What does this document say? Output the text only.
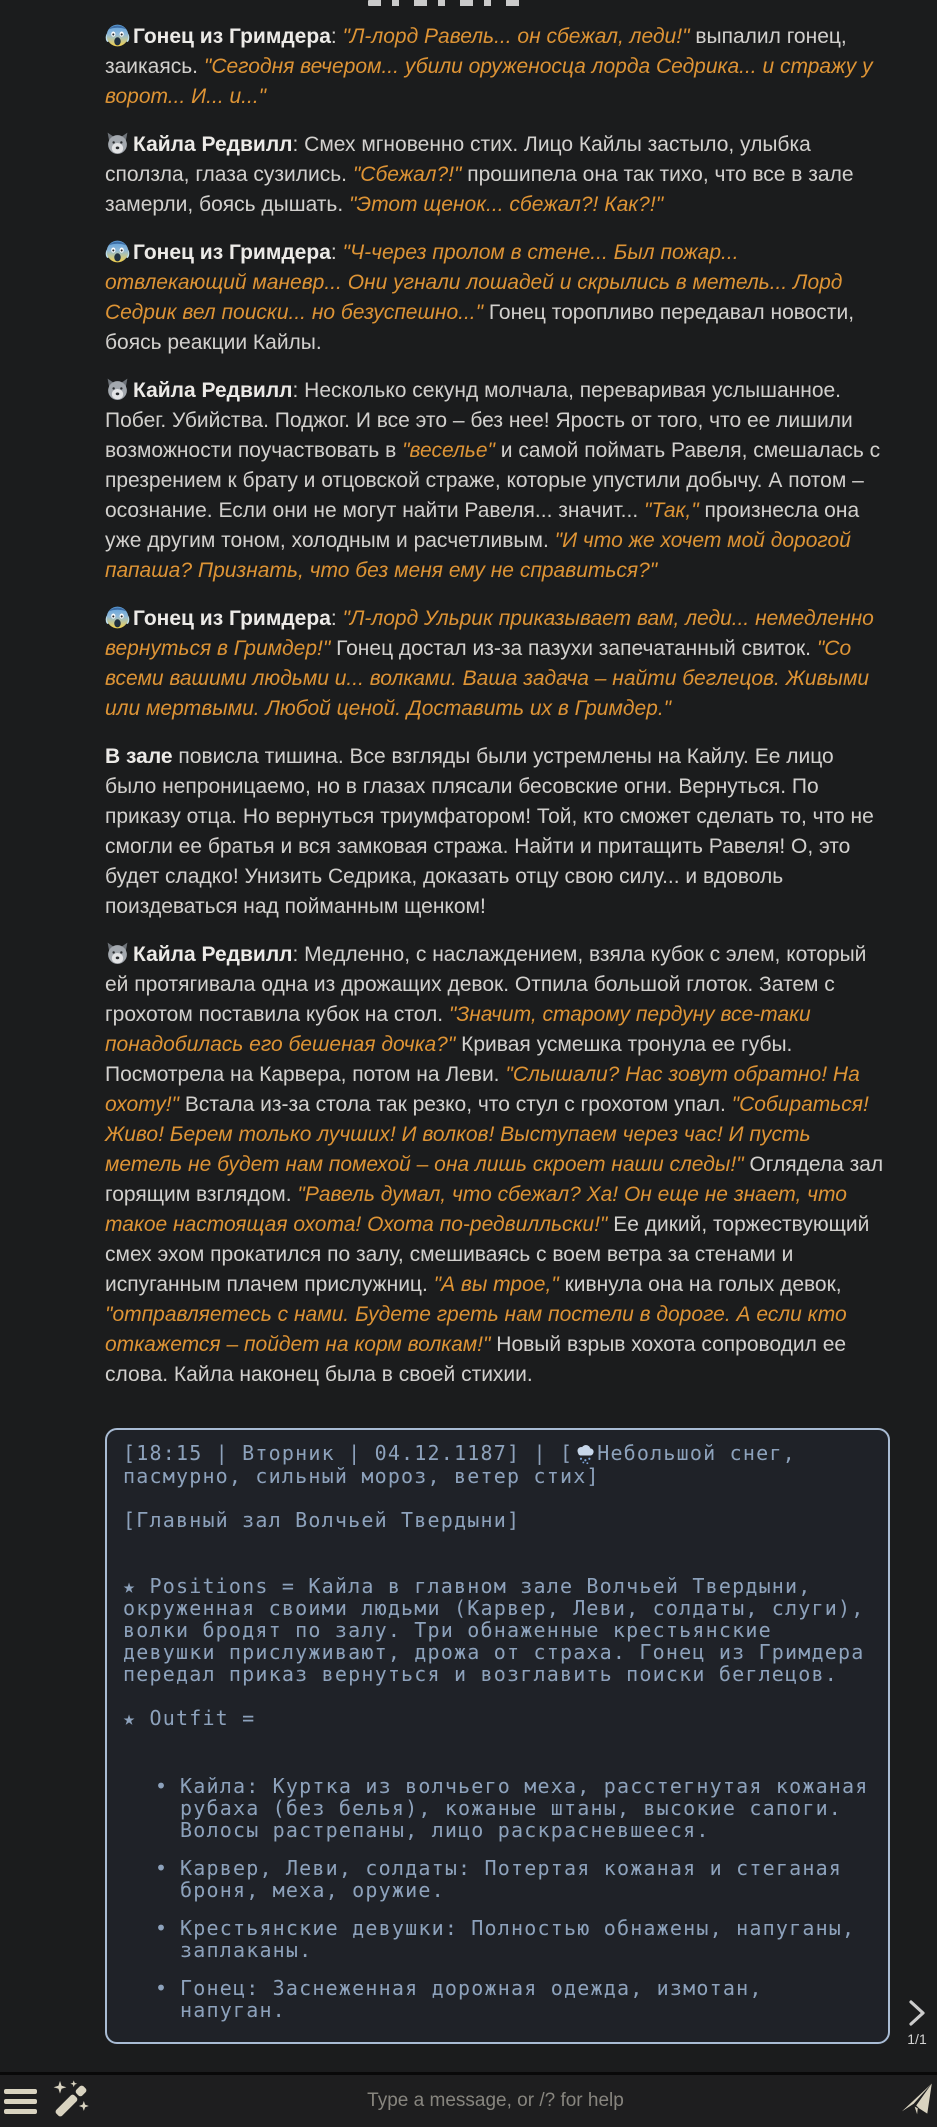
Гонец из Гримдера: "Л-лорд Равель... он сбежал, леди!" выпалил гонец, заикаясь. "Сегодня вечером... убили оруженосца лорда Седрика... и стражу у ворот... И... и..."

Кайла Редвилл: Смех мгновенно стих. Лицо Кайлы застыло, улыбка сползла, глаза сузились. "Сбежал?!" прошипела она так тихо, что все в зале замерли, боясь дышать. "Этот щенок... сбежал?! Как?!"

Гонец из Гримдера: "Ч-через пролом в стене... Был пожар... отвлекающий маневр... Они угнали лошадей и скрылись в метель... Лорд Седрик вел поиски... но безуспешно..." Гонец торопливо передавал новости, боясь реакции Кайлы.

Кайла Редвилл: Несколько секунд молчала, переваривая услышанное. Побег. Убийства. Поджог. И все это – без нее! Ярость от того, что ее лишили возможности поучаствовать в "веселье" и самой поймать Равеля, смешалась с презрением к брату и отцовской страже, которые упустили добычу. А потом – осознание. Если они не могут найти Равеля... значит... "Так," произнесла она уже другим тоном, холодным и расчетливым. "И что же хочет мой дорогой папаша? Признать, что без меня ему не справиться?"

Гонец из Гримдера: "Л-лорд Ульрик приказывает вам, леди... немедленно вернуться в Гримдер!" Гонец достал из-за пазухи запечатанный свиток. "Со всеми вашими людьми и... волками. Ваша задача – найти беглецов. Живыми или мертвыми. Любой ценой. Доставить их в Гримдер."

В зале повисла тишина. Все взгляды были устремлены на Кайлу. Ее лицо было непроницаемо, но в глазах плясали бесовские огни. Вернуться. По приказу отца. Но вернуться триумфатором! Той, кто сможет сделать то, что не смогли ее братья и вся замковая стража. Найти и притащить Равеля! О, это будет сладко! Унизить Седрика, доказать отцу свою силу... и вдоволь поиздеваться над пойманным щенком!

Кайла Редвилл: Медленно, с наслаждением, взяла кубок с элем, который ей протягивала одна из дрожащих девок. Отпила большой глоток. Затем с грохотом поставила кубок на стол. "Значит, старому пердуну все-таки понадобилась его бешеная дочка?" Кривая усмешка тронула ее губы. Посмотрела на Карвера, потом на Леви. "Слышали? Нас зовут обратно! На охоту!" Встала из-за стола так резко, что стул с грохотом упал. "Собираться! Живо! Берем только лучших! И волков! Выступаем через час! И пусть метель не будет нам помехой – она лишь скроет наши следы!" Оглядела зал горящим взглядом. "Равель думал, что сбежал? Ха! Он еще не знает, что такое настоящая охота! Охота по-редвилльски!" Ее дикий, торжествующий смех эхом прокатился по залу, смешиваясь с воем ветра за стенами и испуганным плачем прислужниц. "А вы трое," кивнула она на голых девок, "отправляетесь с нами. Будете греть нам постели в дороге. А если кто откажется – пойдет на корм волкам!" Новый взрыв хохота сопроводил ее слова. Кайла наконец была в своей стихии.

[18:15 | Вторник | 04.12.1187] | [ Небольшой снег, пасмурно, сильный мороз, ветер стих]
[Главный зал Волчьей Твердыни]
★ Positions = Кайла в главном зале Волчьей Твердыни, окруженная своими людьми (Карвер, Леви, солдаты, слуги), волки бродят по залу. Три обнаженные крестьянские девушки прислуживают, дрожа от страха. Гонец из Гримдера передал приказ вернуться и возглавить поиски беглецов.
★ Outfit =
• Кайла: Куртка из волчьего меха, расстегнутая кожаная рубаха (без белья), кожаные штаны, высокие сапоги. Волосы растрепаны, лицо раскрасневшееся.
• Карвер, Леви, солдаты: Потертая кожаная и стеганая броня, меха, оружие.
• Крестьянские девушки: Полностью обнажены, напуганы, заплаканы.
• Гонец: Заснеженная дорожная одежда, измотан, напуган.
1/1
Type a message, or /? for help
